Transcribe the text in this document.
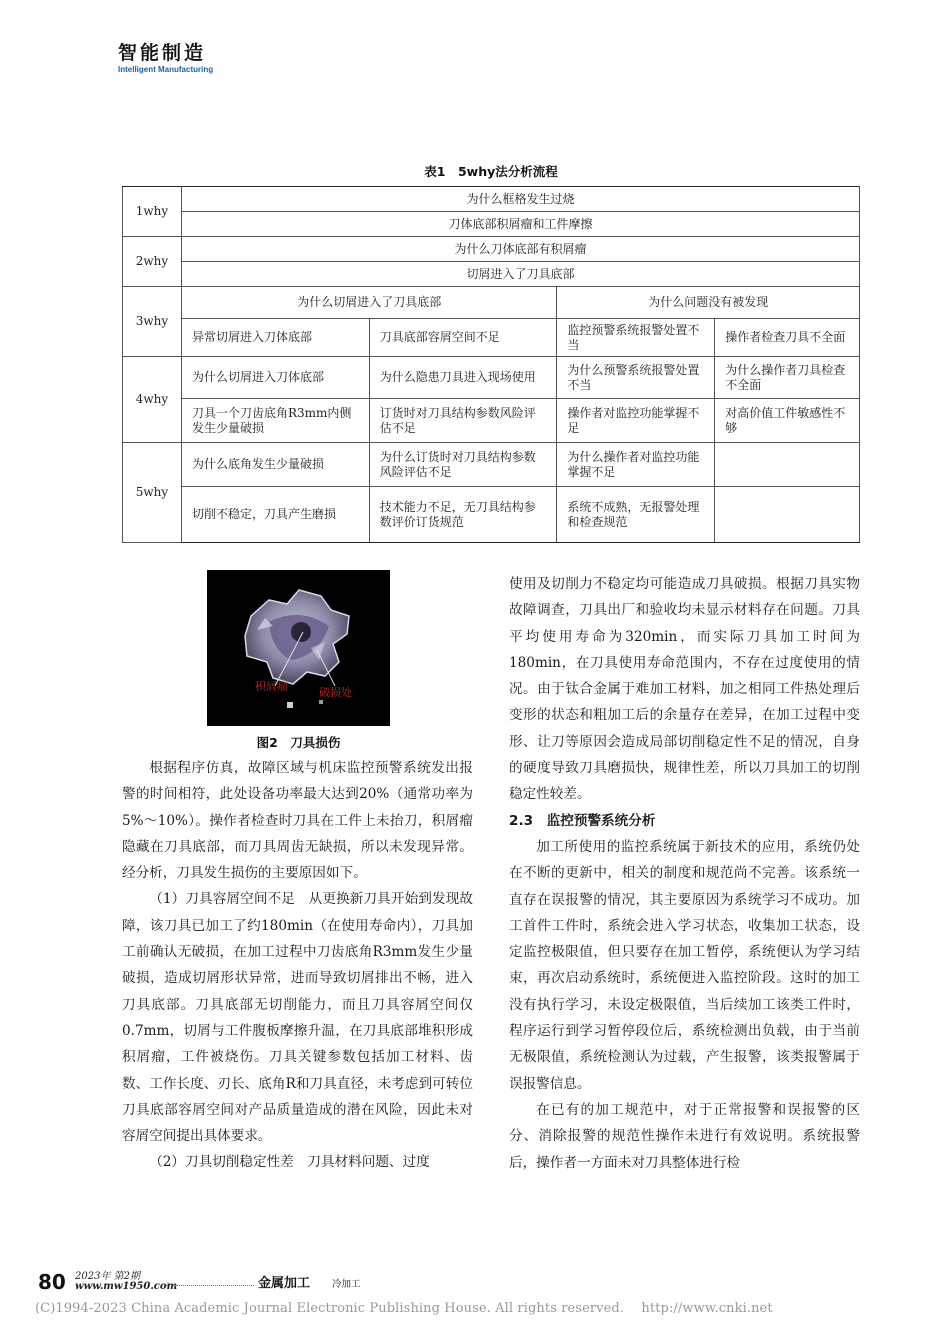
智能制造
Intelligent Manufacturing
表1　5why法分析流程
1why	为什么框格发生过烧			
	刀体底部积屑瘤和工件摩擦			
2why	为什么刀体底部有积屑瘤			
	切屑进入了刀具底部			
3why	为什么切屑进入了刀具底部		为什么问题没有被发现	
	异常切屑进入刀体底部	刀具底部容屑空间不足	监控预警系统报警处置不当	操作者检查刀具不全面
4why	为什么切屑进入刀体底部	为什么隐患刀具进入现场使用	为什么预警系统报警处置不当	为什么操作者刀具检查不全面
	刀具一个刀齿底角R3mm内侧发生少量破损	订货时对刀具结构参数风险评估不足	操作者对监控功能掌握不足	对高价值工件敏感性不够
5why	为什么底角发生少量破损	为什么订货时对刀具结构参数风险评估不足	为什么操作者对监控功能掌握不足	
	切削不稳定，刀具产生磨损	技术能力不足，无刀具结构参数评价订货规范	系统不成熟，无报警处理和检查规范	
积屑瘤	破损处
图2　刀具损伤

根据程序仿真，故障区域与机床监控预警系统发出报警的时间相符，此处设备功率最大达到20%（通常功率为5%～10%）。操作者检查时刀具在工件上未抬刀，积屑瘤隐藏在刀具底部，而刀具周齿无缺损，所以未发现异常。经分析，刀具发生损伤的主要原因如下。

（1）刀具容屑空间不足　从更换新刀具开始到发现故障，该刀具已加工了约180min（在使用寿命内），刀具加工前确认无破损，在加工过程中刀齿底角R3mm发生少量破损，造成切屑形状异常，进而导致切屑排出不畅，进入刀具底部。刀具底部无切削能力，而且刀具容屑空间仅0.7mm，切屑与工件腹板摩擦升温，在刀具底部堆积形成积屑瘤，工件被烧伤。刀具关键参数包括加工材料、齿数、工作长度、刃长、底角R和刀具直径，未考虑到可转位刀具底部容屑空间对产品质量造成的潜在风险，因此未对容屑空间提出具体要求。

（2）刀具切削稳定性差　刀具材料问题、过度

使用及切削力不稳定均可能造成刀具破损。根据刀具实物故障调查，刀具出厂和验收均未显示材料存在问题。刀具平均使用寿命为320min，而实际刀具加工时间为180min，在刀具使用寿命范围内，不存在过度使用的情况。由于钛合金属于难加工材料，加之相同工件热处理后变形的状态和粗加工后的余量存在差异，在加工过程中变形、让刀等原因会造成局部切削稳定性不足的情况，自身的硬度导致刀具磨损快，规律性差，所以刀具加工的切削稳定性较差。

2.3　监控预警系统分析

加工所使用的监控系统属于新技术的应用，系统仍处在不断的更新中，相关的制度和规范尚不完善。该系统一直存在误报警的情况，其主要原因为系统学习不成功。加工首件工件时，系统会进入学习状态，收集加工状态，设定监控极限值，但只要存在加工暂停，系统便认为学习结束，再次启动系统时，系统便进入监控阶段。这时的加工没有执行学习，未设定极限值，当后续加工该类工件时，程序运行到学习暂停段位后，系统检测出负载，由于当前无极限值，系统检测认为过载，产生报警，该类报警属于误报警信息。

在已有的加工规范中，对于正常报警和误报警的区分、消除报警的规范性操作未进行有效说明。系统报警后，操作者一方面未对刀具整体进行检

80 2023年 第2期
www.mw1950.com	金属加工 冷加工
(C)1994-2023 China Academic Journal Electronic Publishing House. All rights reserved.　 http://www.cnki.net
